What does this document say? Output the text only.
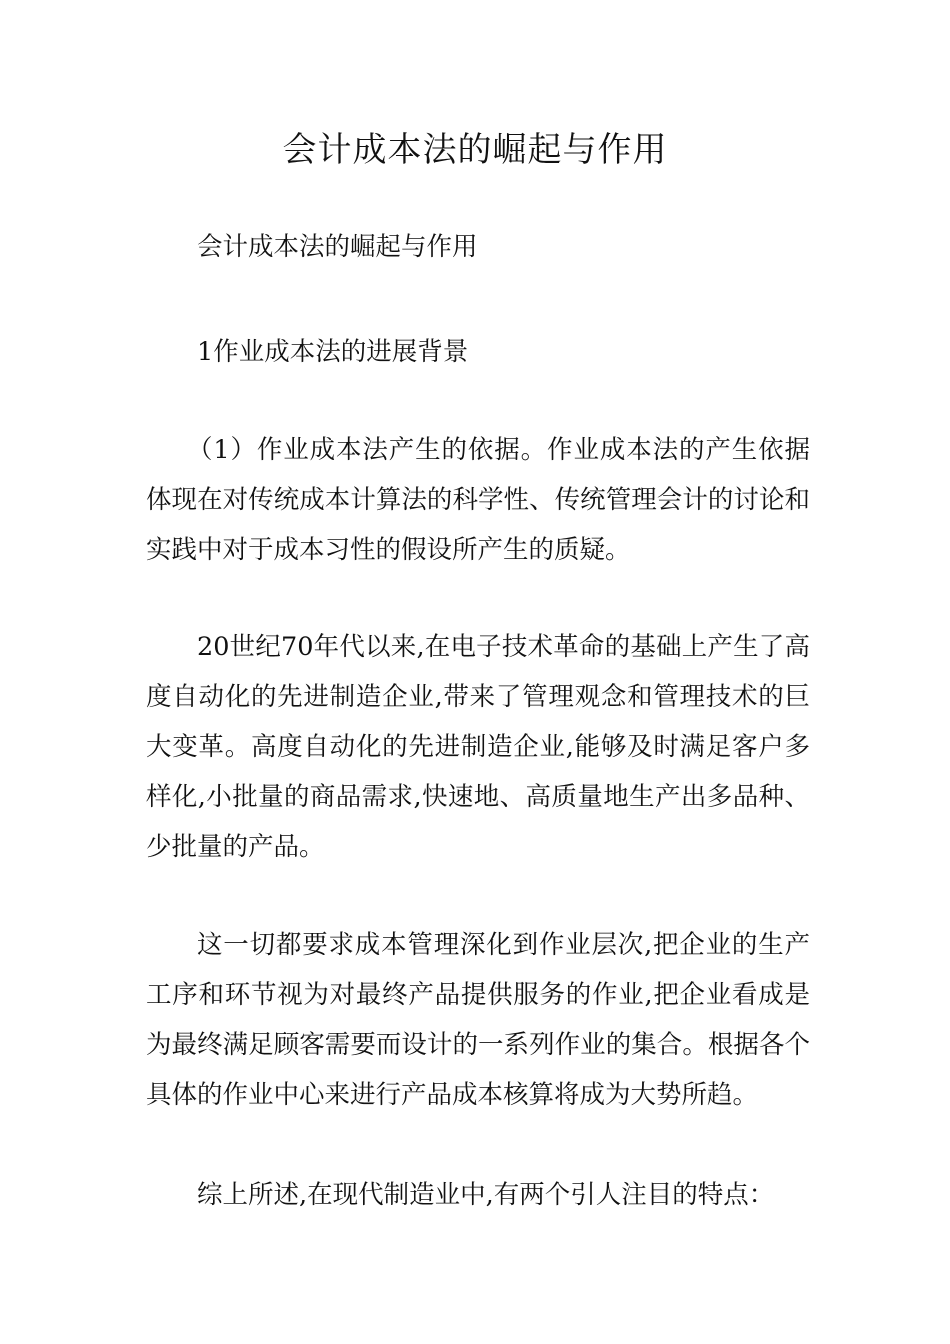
会计成本法的崛起与作用

会计成本法的崛起与作用

1作业成本法的进展背景

（1）作业成本法产生的依据。作业成本法的产生依据体现在对传统成本计算法的科学性、传统管理会计的讨论和实践中对于成本习性的假设所产生的质疑。

20世纪70年代以来,在电子技术革命的基础上产生了高度自动化的先进制造企业,带来了管理观念和管理技术的巨大变革。高度自动化的先进制造企业,能够及时满足客户多样化,小批量的商品需求,快速地、高质量地生产出多品种、少批量的产品。

这一切都要求成本管理深化到作业层次,把企业的生产工序和环节视为对最终产品提供服务的作业,把企业看成是为最终满足顾客需要而设计的一系列作业的集合。根据各个具体的作业中心来进行产品成本核算将成为大势所趋。

综上所述,在现代制造业中,有两个引人注目的特点：
